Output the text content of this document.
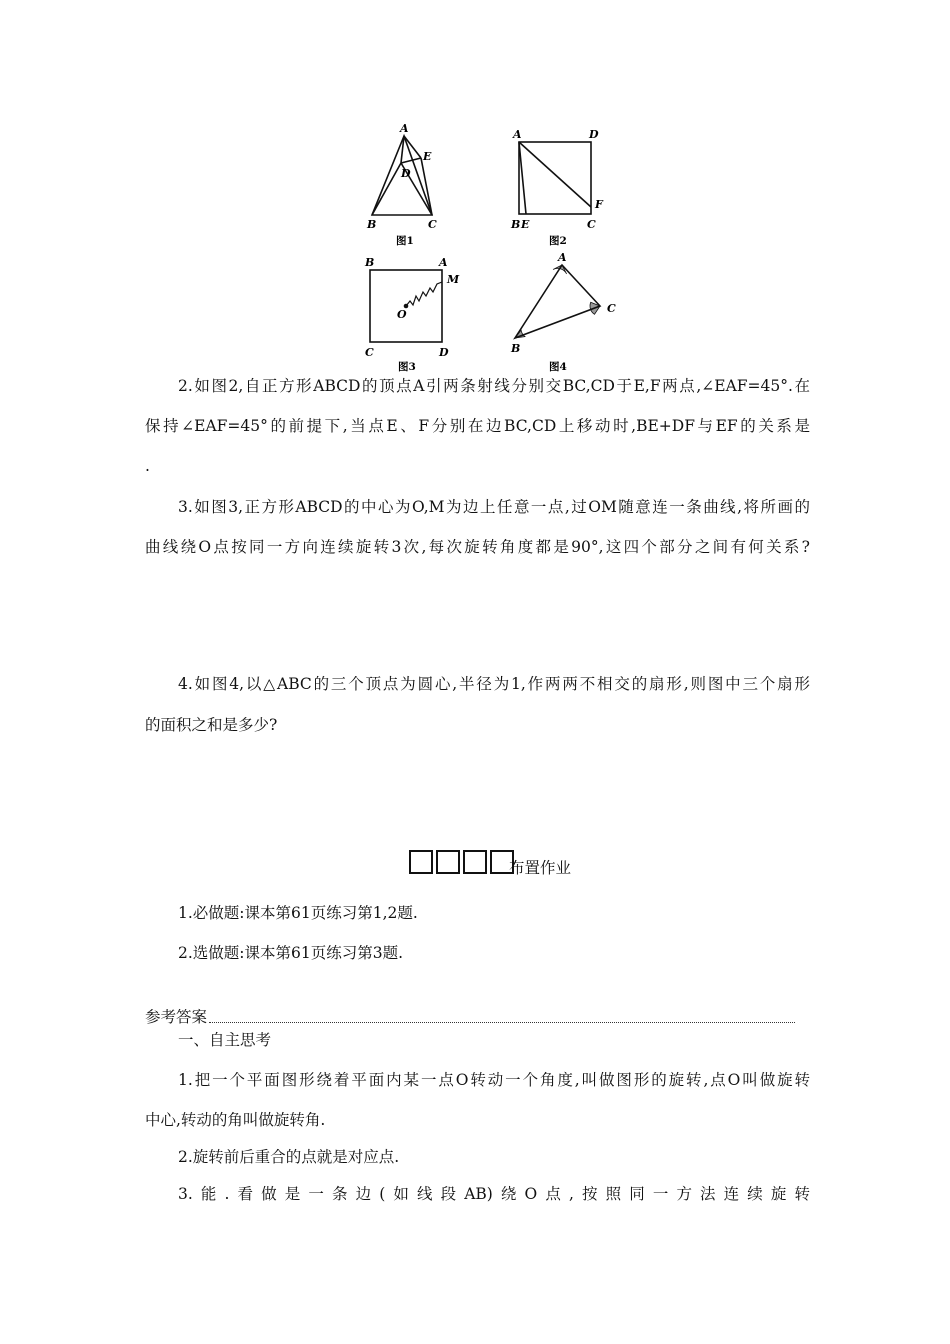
A
E
D
B	C
图1
A	D
F
B E	C
图2
B	A
M
O
C	D
图3
A
C
B
图4
2.如图2,自正方形ABCD的顶点A引两条射线分别交BC,CD于E,F两点,∠EAF=45°.在
保持∠EAF=45°的前提下,当点E、F分别在边BC,CD上移动时,BE+DF与EF的关系是
.
3.如图3,正方形ABCD的中心为O,M为边上任意一点,过OM随意连一条曲线,将所画的
曲线绕O点按同一方向连续旋转3次,每次旋转角度都是90°,这四个部分之间有何关系?
4.如图4,以△ABC的三个顶点为圆心,半径为1,作两两不相交的扇形,则图中三个扇形
的面积之和是多少?
布置作业
1.必做题:课本第61页练习第1,2题.
2.选做题:课本第61页练习第3题.
参考答案
一、自主思考
1.把一个平面图形绕着平面内某一点O转动一个角度,叫做图形的旋转,点O叫做旋转
中心,转动的角叫做旋转角.
2.旋转前后重合的点就是对应点.
3.能.看做是一条边(如线段AB)绕O点,按照同一方法连续旋转
